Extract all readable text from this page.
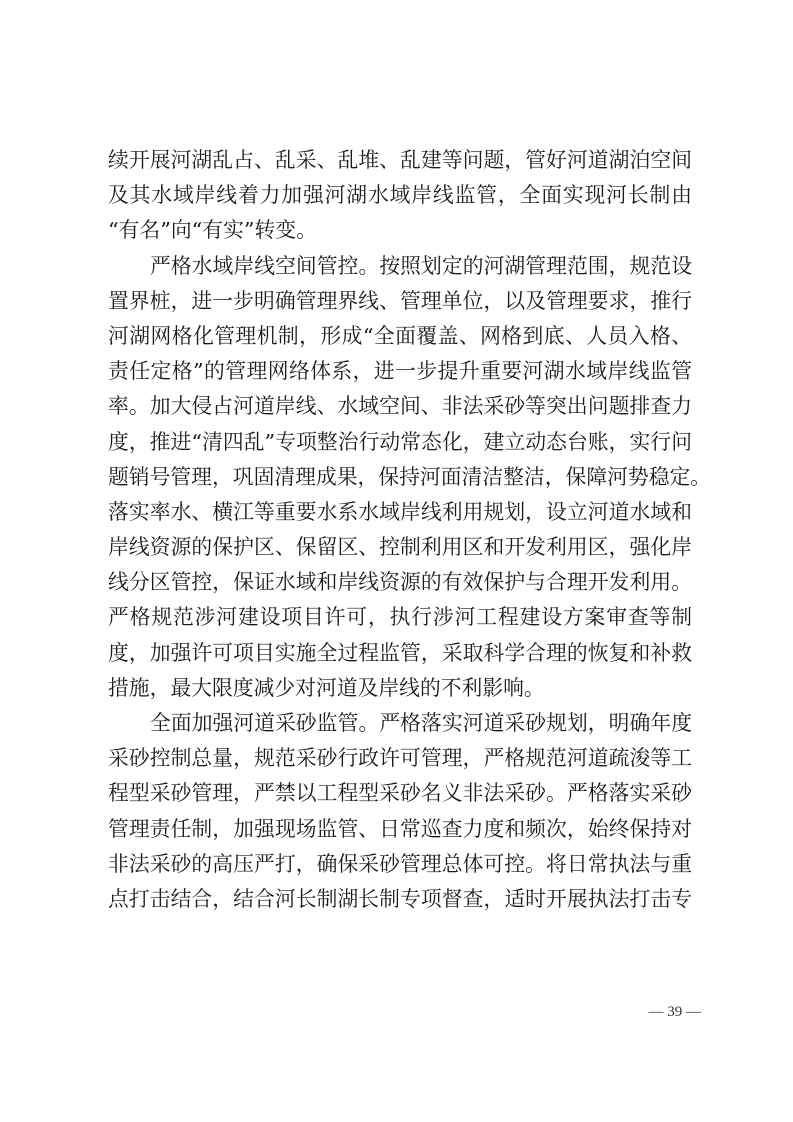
续开展河湖乱占、乱采、乱堆、乱建等问题，管好河道湖泊空间
及其水域岸线着力加强河湖水域岸线监管，全面实现河长制由
“有名”向“有实”转变。
严格水域岸线空间管控。按照划定的河湖管理范围，规范设
置界桩，进一步明确管理界线、管理单位，以及管理要求，推行
河湖网格化管理机制，形成“全面覆盖、网格到底、人员入格、
责任定格”的管理网络体系，进一步提升重要河湖水域岸线监管
率。加大侵占河道岸线、水域空间、非法采砂等突出问题排查力
度，推进“清四乱”专项整治行动常态化，建立动态台账，实行问
题销号管理，巩固清理成果，保持河面清洁整洁，保障河势稳定。
落实率水、横江等重要水系水域岸线利用规划，设立河道水域和
岸线资源的保护区、保留区、控制利用区和开发利用区，强化岸
线分区管控，保证水域和岸线资源的有效保护与合理开发利用。
严格规范涉河建设项目许可，执行涉河工程建设方案审查等制
度，加强许可项目实施全过程监管，采取科学合理的恢复和补救
措施，最大限度减少对河道及岸线的不利影响。
全面加强河道采砂监管。严格落实河道采砂规划，明确年度
采砂控制总量，规范采砂行政许可管理，严格规范河道疏浚等工
程型采砂管理，严禁以工程型采砂名义非法采砂。严格落实采砂
管理责任制，加强现场监管、日常巡查力度和频次，始终保持对
非法采砂的高压严打，确保采砂管理总体可控。将日常执法与重
点打击结合，结合河长制湖长制专项督查，适时开展执法打击专
— 39 —
